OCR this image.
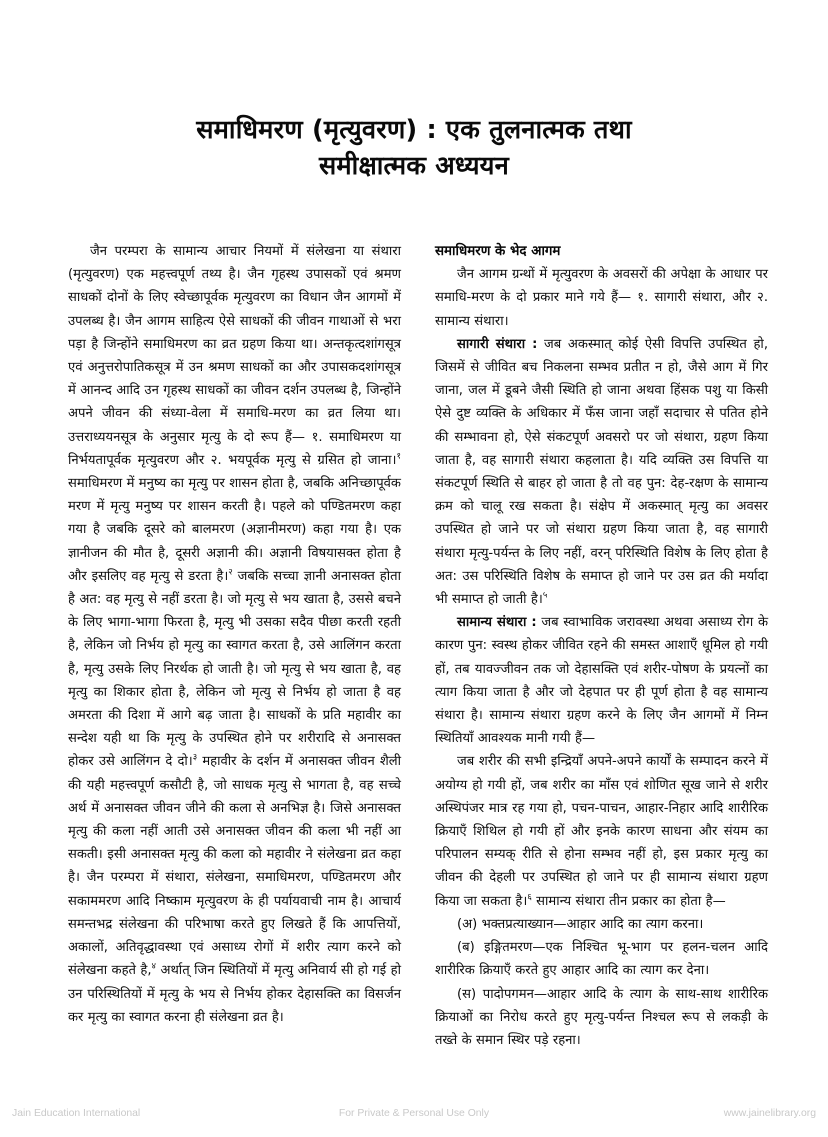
समाधिमरण (मृत्युवरण) : एक तुलनात्मक तथा
समीक्षात्मक अध्ययन

जैन परम्परा के सामान्य आचार नियमों में संलेखना या संथारा (मृत्युवरण) एक महत्त्वपूर्ण तथ्य है। जैन गृहस्थ उपासकों एवं श्रमण साधकों दोनों के लिए स्वेच्छापूर्वक मृत्युवरण का विधान जैन आगमों में उपलब्ध है। जैन आगम साहित्य ऐसे साधकों की जीवन गाथाओं से भरा पड़ा है जिन्होंने समाधिमरण का व्रत ग्रहण किया था। अन्तकृत्दशांगसूत्र एवं अनुत्तरोपातिकसूत्र में उन श्रमण साधकों का और उपासकदशांगसूत्र में आनन्द आदि उन गृहस्थ साधकों का जीवन दर्शन उपलब्ध है, जिन्होंने अपने जीवन की संध्या-वेला में समाधि-मरण का व्रत लिया था। उत्तराध्ययनसूत्र के अनुसार मृत्यु के दो रूप हैं— १. समाधिमरण या निर्भयतापूर्वक मृत्युवरण और २. भयपूर्वक मृत्यु से ग्रसित हो जाना।$^१$ समाधिमरण में मनुष्य का मृत्यु पर शासन होता है, जबकि अनिच्छापूर्वक मरण में मृत्यु मनुष्य पर शासन करती है। पहले को पण्डितमरण कहा गया है जबकि दूसरे को बालमरण (अज्ञानीमरण) कहा गया है। एक ज्ञानीजन की मौत है, दूसरी अज्ञानी की। अज्ञानी विषयासक्त होता है और इसलिए वह मृत्यु से डरता है।$^२$ जबकि सच्चा ज्ञानी अनासक्त होता है अत: वह मृत्यु से नहीं डरता है। जो मृत्यु से भय खाता है, उससे बचने के लिए भागा-भागा फिरता है, मृत्यु भी उसका सदैव पीछा करती रहती है, लेकिन जो निर्भय हो मृत्यु का स्वागत करता है, उसे आलिंगन करता है, मृत्यु उसके लिए निरर्थक हो जाती है। जो मृत्यु से भय खाता है, वह मृत्यु का शिकार होता है, लेकिन जो मृत्यु से निर्भय हो जाता है वह अमरता की दिशा में आगे बढ़ जाता है। साधकों के प्रति महावीर का सन्देश यही था कि मृत्यु के उपस्थित होने पर शरीरादि से अनासक्त होकर उसे आलिंगन दे दो।$^३$ महावीर के दर्शन में अनासक्त जीवन शैली की यही महत्त्वपूर्ण कसौटी है, जो साधक मृत्यु से भागता है, वह सच्चे अर्थ में अनासक्त जीवन जीने की कला से अनभिज्ञ है। जिसे अनासक्त मृत्यु की कला नहीं आती उसे अनासक्त जीवन की कला भी नहीं आ सकती। इसी अनासक्त मृत्यु की कला को महावीर ने संलेखना व्रत कहा है। जैन परम्परा में संथारा, संलेखना, समाधिमरण, पण्डितमरण और सकाममरण आदि निष्काम मृत्युवरण के ही पर्यायवाची नाम है। आचार्य समन्तभद्र संलेखना की परिभाषा करते हुए लिखते हैं कि आपत्तियों, अकालों, अतिवृद्धावस्था एवं असाध्य रोगों में शरीर त्याग करने को संलेखना कहते है,$^४$ अर्थात् जिन स्थितियों में मृत्यु अनिवार्य सी हो गई हो उन परिस्थितियों में मृत्यु के भय से निर्भय होकर देहासक्ति का विसर्जन कर मृत्यु का स्वागत करना ही संलेखना व्रत है।

समाधिमरण के भेद आगम

जैन आगम ग्रन्थों में मृत्युवरण के अवसरों की अपेक्षा के आधार पर समाधि-मरण के दो प्रकार माने गये हैं— १. सागारी संथारा, और २. सामान्य संथारा।

सागारी संथारा : जब अकस्मात् कोई ऐसी विपत्ति उपस्थित हो, जिसमें से जीवित बच निकलना सम्भव प्रतीत न हो, जैसे आग में गिर जाना, जल में डूबने जैसी स्थिति हो जाना अथवा हिंसक पशु या किसी ऐसे दुष्ट व्यक्ति के अधिकार में फँस जाना जहाँ सदाचार से पतित होने की सम्भावना हो, ऐसे संकटपूर्ण अवसरो पर जो संथारा, ग्रहण किया जाता है, वह सागारी संथारा कहलाता है। यदि व्यक्ति उस विपत्ति या संकटपूर्ण स्थिति से बाहर हो जाता है तो वह पुन: देह-रक्षण के सामान्य क्रम को चालू रख सकता है। संक्षेप में अकस्मात् मृत्यु का अवसर उपस्थित हो जाने पर जो संथारा ग्रहण किया जाता है, वह सागारी संथारा मृत्यु-पर्यन्त के लिए नहीं, वरन् परिस्थिति विशेष के लिए होता है अत: उस परिस्थिति विशेष के समाप्त हो जाने पर उस व्रत की मर्यादा भी समाप्त हो जाती है।$^५$

सामान्य संथारा : जब स्वाभाविक जरावस्था अथवा असाध्य रोग के कारण पुन: स्वस्थ होकर जीवित रहने की समस्त आशाएँ धूमिल हो गयी हों, तब यावज्जीवन तक जो देहासक्ति एवं शरीर-पोषण के प्रयत्नों का त्याग किया जाता है और जो देहपात पर ही पूर्ण होता है वह सामान्य संथारा है। सामान्य संथारा ग्रहण करने के लिए जैन आगमों में निम्न स्थितियाँ आवश्यक मानी गयी हैं—

जब शरीर की सभी इन्द्रियाँ अपने-अपने कार्यों के सम्पादन करने में अयोग्य हो गयी हों, जब शरीर का मॉंस एवं शोणित सूख जाने से शरीर अस्थिपंजर मात्र रह गया हो, पचन-पाचन, आहार-निहार आदि शारीरिक क्रियाएँ शिथिल हो गयी हों और इनके कारण साधना और संयम का परिपालन सम्यक् रीति से होना सम्भव नहीं हो, इस प्रकार मृत्यु का जीवन की देहली पर उपस्थित हो जाने पर ही सामान्य संथारा ग्रहण किया जा सकता है।$^६$ सामान्य संथारा तीन प्रकार का होता है—

(अ) भक्तप्रत्याख्यान—आहार आदि का त्याग करना।

(ब) इङ्गितमरण—एक निश्चित भू-भाग पर हलन-चलन आदि शारीरिक क्रियाएँ करते हुए आहार आदि का त्याग कर देना।

(स) पादोपगमन—आहार आदि के त्याग के साथ-साथ शारीरिक क्रियाओं का निरोध करते हुए मृत्यु-पर्यन्त निश्चल रूप से लकड़ी के तख्ते के समान स्थिर पड़े रहना।

Jain Education International	For Private & Personal Use Only	www.jainelibrary.org
